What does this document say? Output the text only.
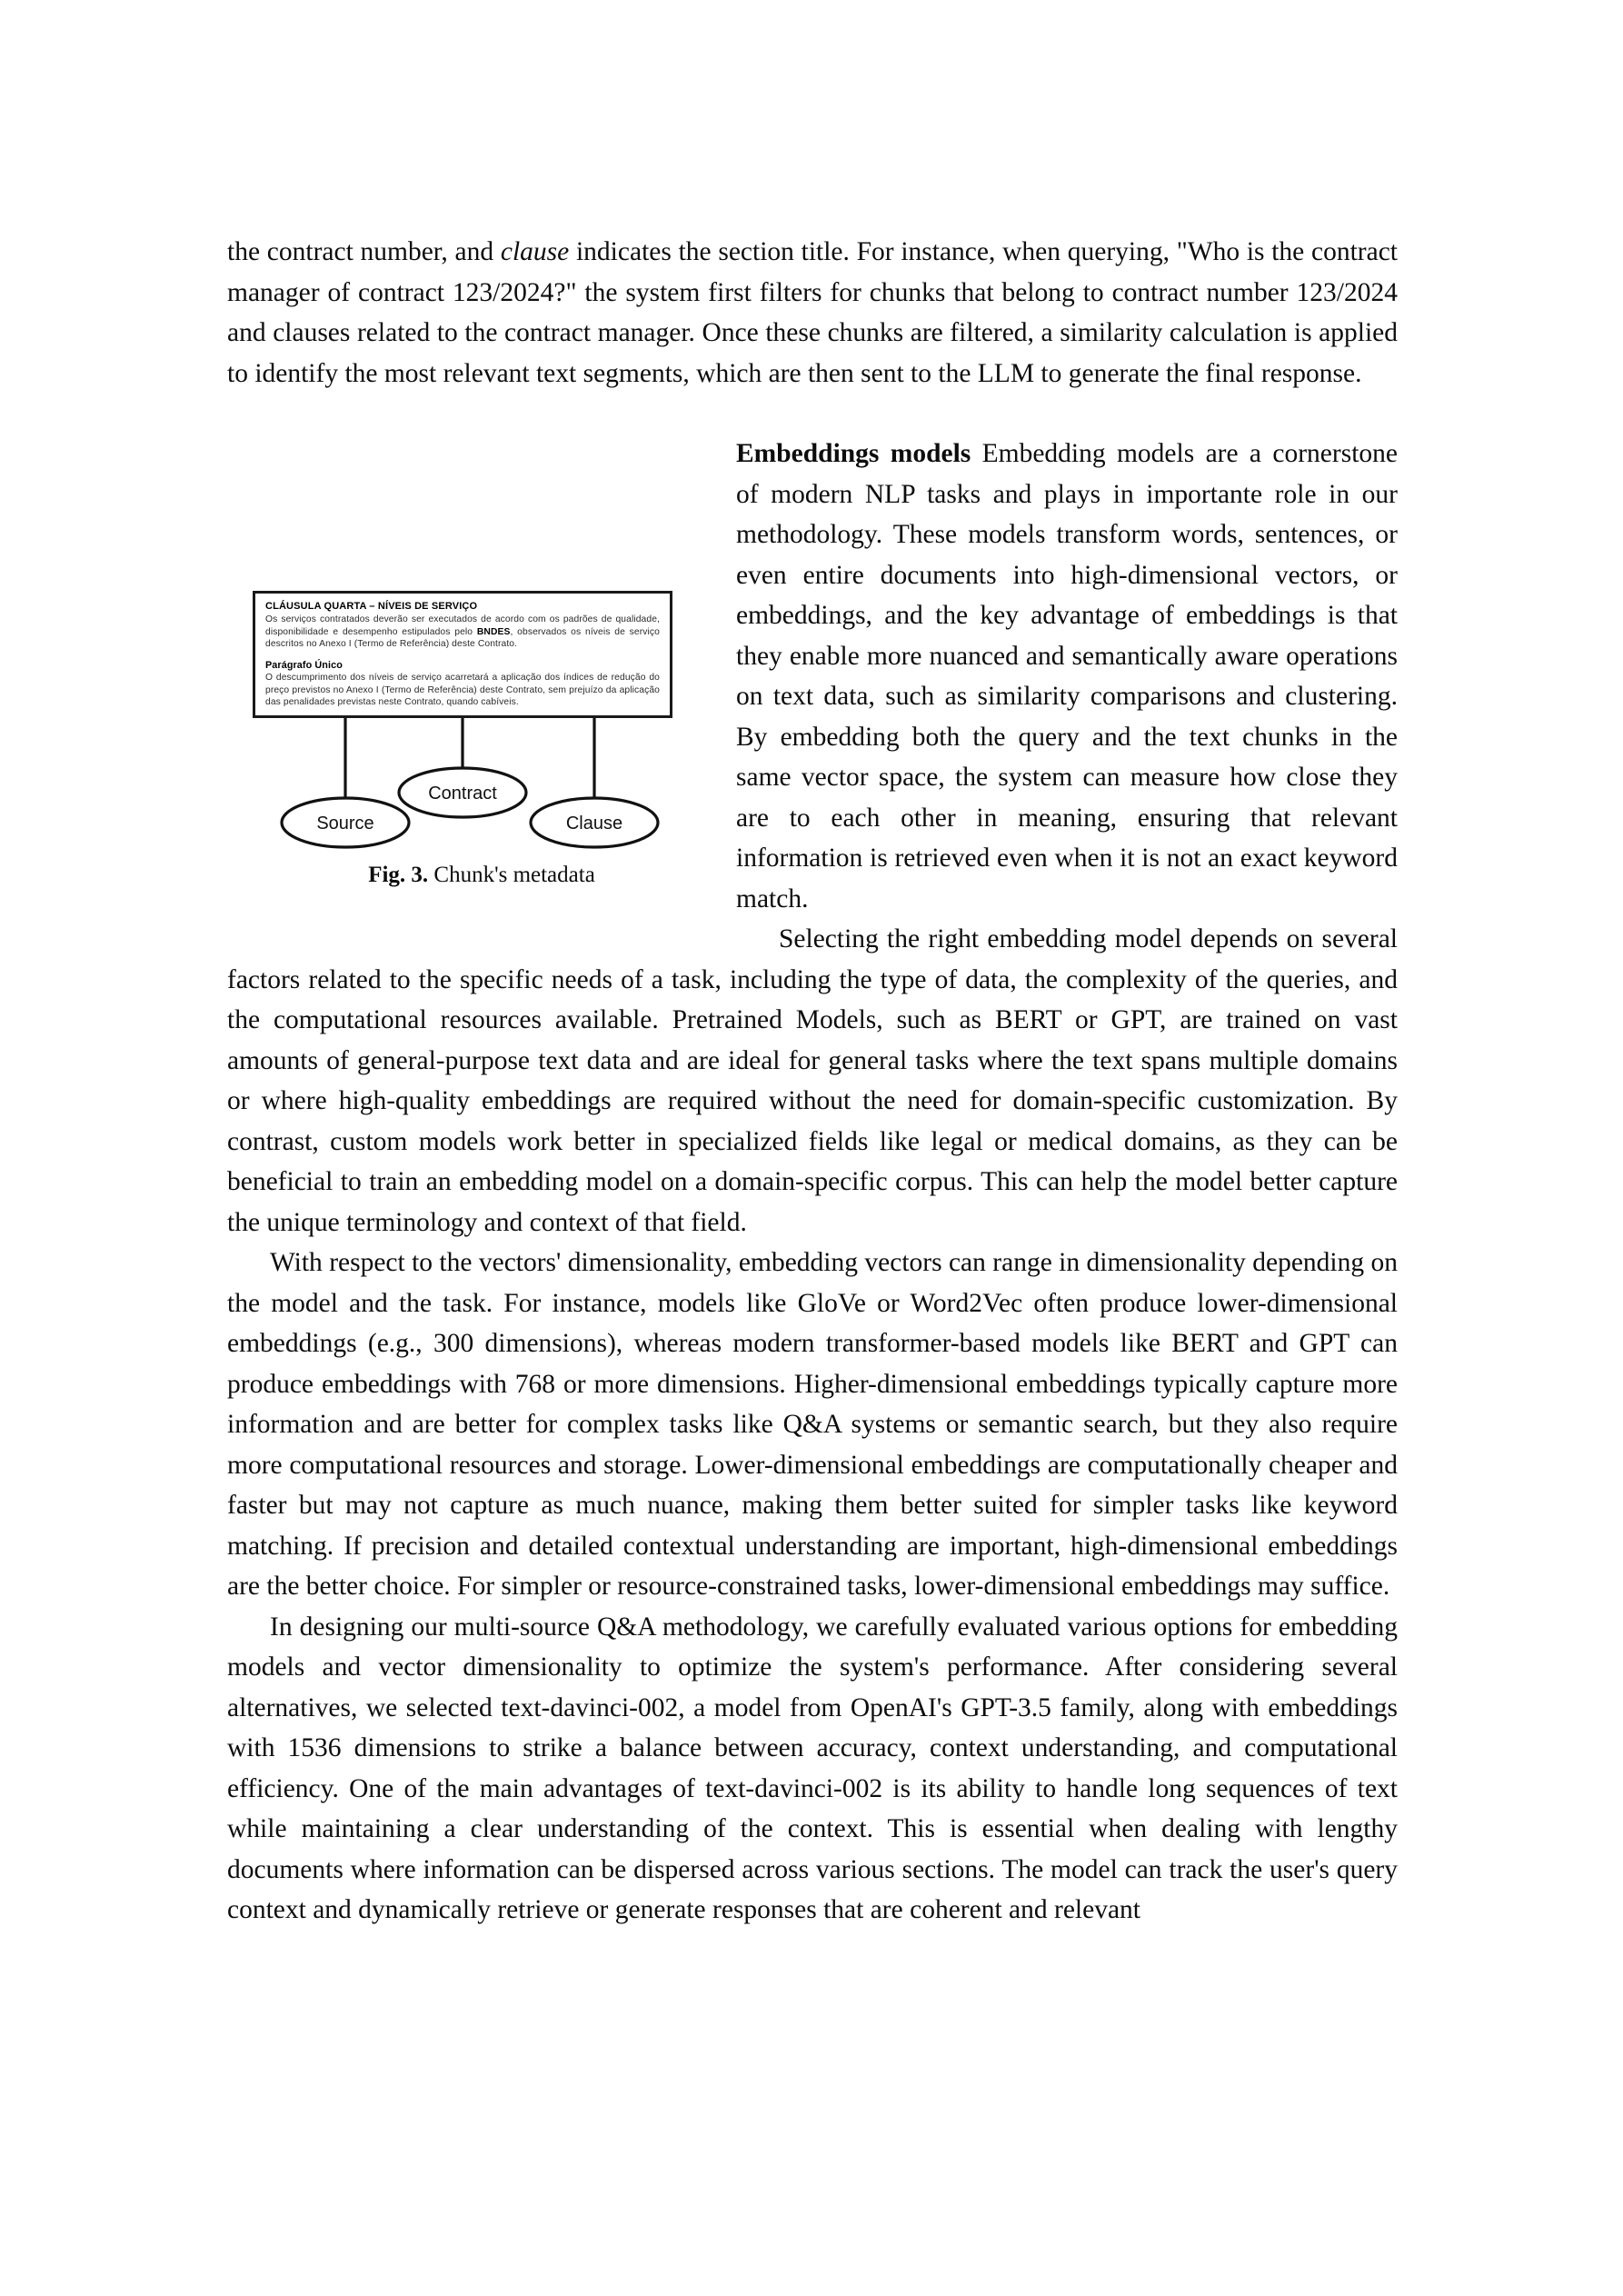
the contract number, and clause indicates the section title. For instance, when querying, "Who is the contract manager of contract 123/2024?" the system first filters for chunks that belong to contract number 123/2024 and clauses related to the contract manager. Once these chunks are filtered, a similarity calculation is applied to identify the most relevant text segments, which are then sent to the LLM to generate the final response.

CLÁUSULA QUARTA – NÍVEIS DE SERVIÇO

Os serviços contratados deverão ser executados de acordo com os padrões de qualidade, disponibilidade e desempenho estipulados pelo BNDES, observados os níveis de serviço descritos no Anexo I (Termo de Referência) deste Contrato.

Parágrafo Único

O descumprimento dos níveis de serviço acarretará a aplicação dos índices de redução do preço previstos no Anexo I (Termo de Referência) deste Contrato, sem prejuízo da aplicação das penalidades previstas neste Contrato, quando cabíveis.

Source
Contract
Clause
Fig. 3. Chunk's metadata

Embeddings models Embedding models are a cornerstone of modern NLP tasks and plays in importante role in our methodology. These models transform words, sentences, or even entire documents into high-dimensional vectors, or embeddings, and the key advantage of embeddings is that they enable more nuanced and semantically aware operations on text data, such as similarity comparisons and clustering. By embedding both the query and the text chunks in the same vector space, the system can measure how close they are to each other in meaning, ensuring that relevant information is retrieved even when it is not an exact keyword match.

Selecting the right embedding model depends on several factors related to the specific needs of a task, including the type of data, the complexity of the queries, and the computational resources available. Pretrained Models, such as BERT or GPT, are trained on vast amounts of general-purpose text data and are ideal for general tasks where the text spans multiple domains or where high-quality embeddings are required without the need for domain-specific customization. By contrast, custom models work better in specialized fields like legal or medical domains, as they can be beneficial to train an embedding model on a domain-specific corpus. This can help the model better capture the unique terminology and context of that field.

With respect to the vectors' dimensionality, embedding vectors can range in dimensionality depending on the model and the task. For instance, models like GloVe or Word2Vec often produce lower-dimensional embeddings (e.g., 300 dimensions), whereas modern transformer-based models like BERT and GPT can produce embeddings with 768 or more dimensions. Higher-dimensional embeddings typically capture more information and are better for complex tasks like Q&A systems or semantic search, but they also require more computational resources and storage. Lower-dimensional embeddings are computationally cheaper and faster but may not capture as much nuance, making them better suited for simpler tasks like keyword matching. If precision and detailed contextual understanding are important, high-dimensional embeddings are the better choice. For simpler or resource-constrained tasks, lower-dimensional embeddings may suffice.

In designing our multi-source Q&A methodology, we carefully evaluated various options for embedding models and vector dimensionality to optimize the system's performance. After considering several alternatives, we selected text-davinci-002, a model from OpenAI's GPT-3.5 family, along with embeddings with 1536 dimensions to strike a balance between accuracy, context understanding, and computational efficiency. One of the main advantages of text-davinci-002 is its ability to handle long sequences of text while maintaining a clear understanding of the context. This is essential when dealing with lengthy documents where information can be dispersed across various sections. The model can track the user's query context and dynamically retrieve or generate responses that are coherent and relevant
